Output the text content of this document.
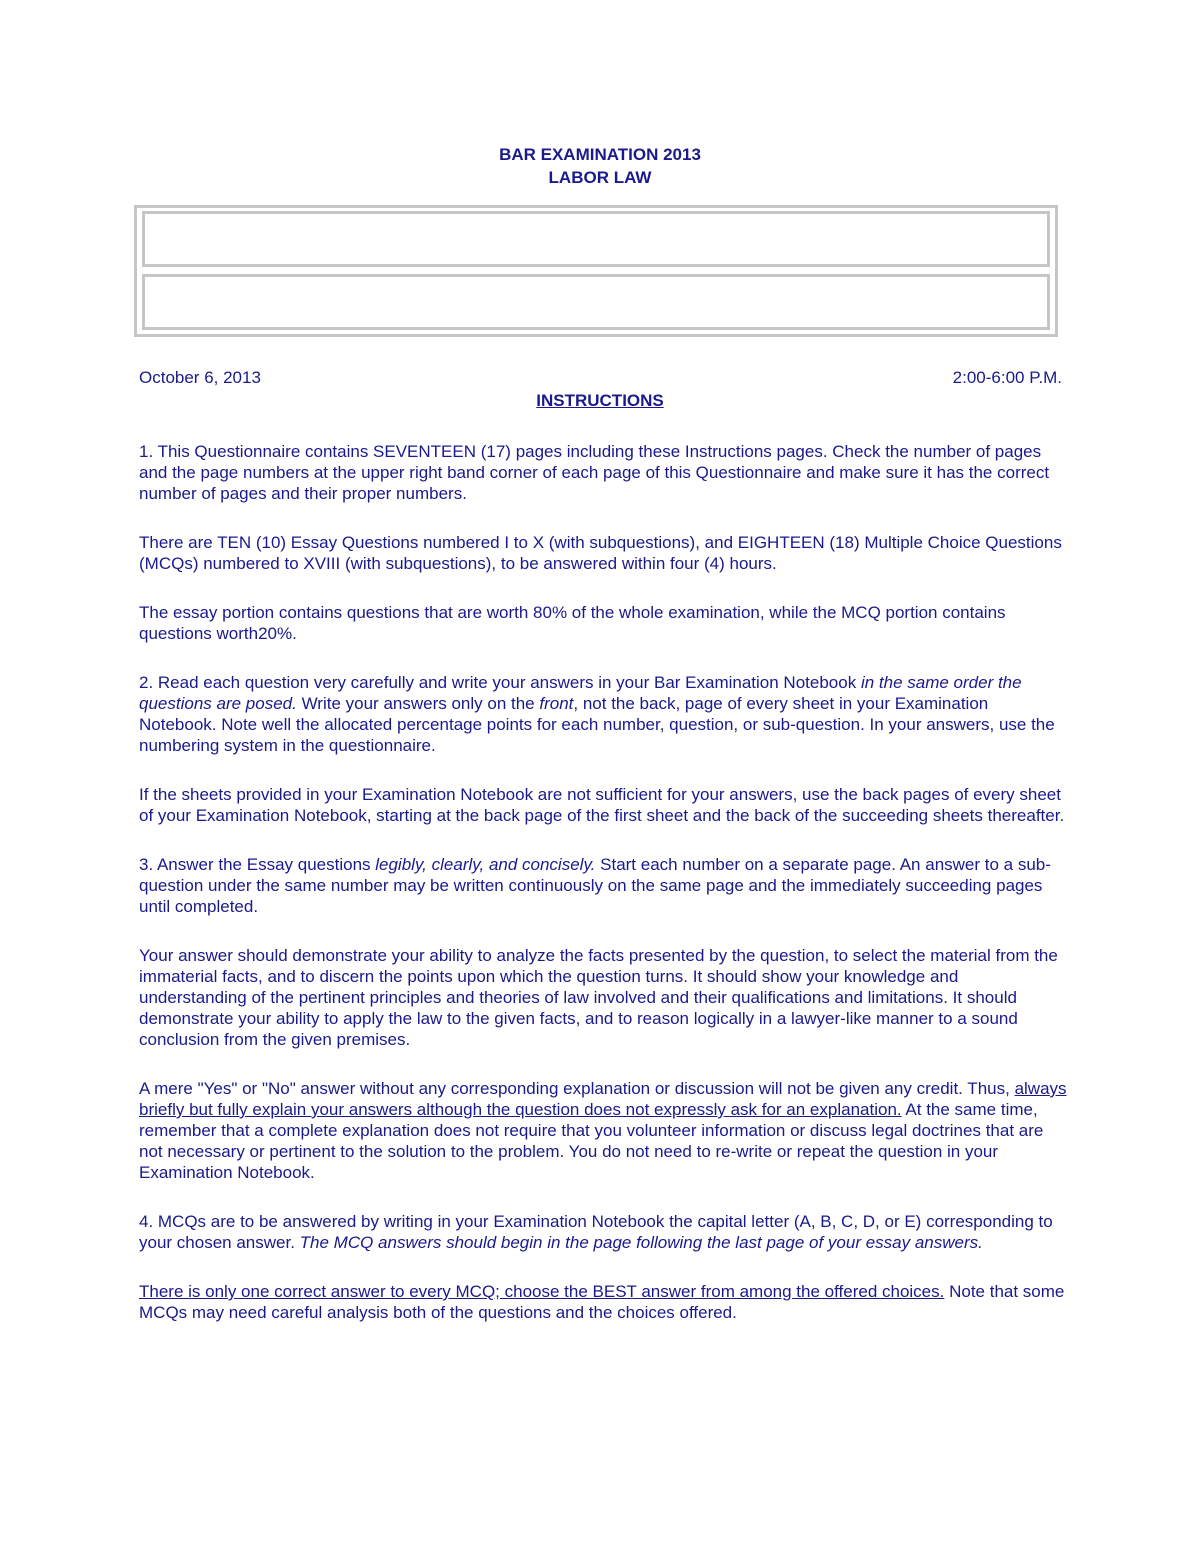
BAR EXAMINATION 2013
LABOR LAW
October 6, 2013	2:00-6:00 P.M.
INSTRUCTIONS

1. This Questionnaire contains SEVENTEEN (17) pages including these Instructions pages. Check the number of pages and the page numbers at the upper right band corner of each page of this Questionnaire and make sure it has the correct number of pages and their proper numbers.

There are TEN (10) Essay Questions numbered I to X (with subquestions), and EIGHTEEN (18) Multiple Choice Questions (MCQs) numbered to XVIII (with subquestions), to be answered within four (4) hours.

The essay portion contains questions that are worth 80% of the whole examination, while the MCQ portion contains questions worth20%.

2. Read each question very carefully and write your answers in your Bar Examination Notebook in the same order the questions are posed. Write your answers only on the front, not the back, page of every sheet in your Examination Notebook. Note well the allocated percentage points for each number, question, or sub-question. In your answers, use the numbering system in the questionnaire.

If the sheets provided in your Examination Notebook are not sufficient for your answers, use the back pages of every sheet of your Examination Notebook, starting at the back page of the first sheet and the back of the succeeding sheets thereafter.

3. Answer the Essay questions legibly, clearly, and concisely. Start each number on a separate page. An answer to a sub-question under the same number may be written continuously on the same page and the immediately succeeding pages until completed.

Your answer should demonstrate your ability to analyze the facts presented by the question, to select the material from the immaterial facts, and to discern the points upon which the question turns. It should show your knowledge and understanding of the pertinent principles and theories of law involved and their qualifications and limitations. It should demonstrate your ability to apply the law to the given facts, and to reason logically in a lawyer-like manner to a sound conclusion from the given premises.

A mere "Yes" or "No" answer without any corresponding explanation or discussion will not be given any credit. Thus, always briefly but fully explain your answers although the question does not expressly ask for an explanation. At the same time, remember that a complete explanation does not require that you volunteer information or discuss legal doctrines that are not necessary or pertinent to the solution to the problem. You do not need to re-write or repeat the question in your Examination Notebook.

4. MCQs are to be answered by writing in your Examination Notebook the capital letter (A, B, C, D, or E) corresponding to your chosen answer. The MCQ answers should begin in the page following the last page of your essay answers.

There is only one correct answer to every MCQ; choose the BEST answer from among the offered choices. Note that some MCQs may need careful analysis both of the questions and the choices offered.
